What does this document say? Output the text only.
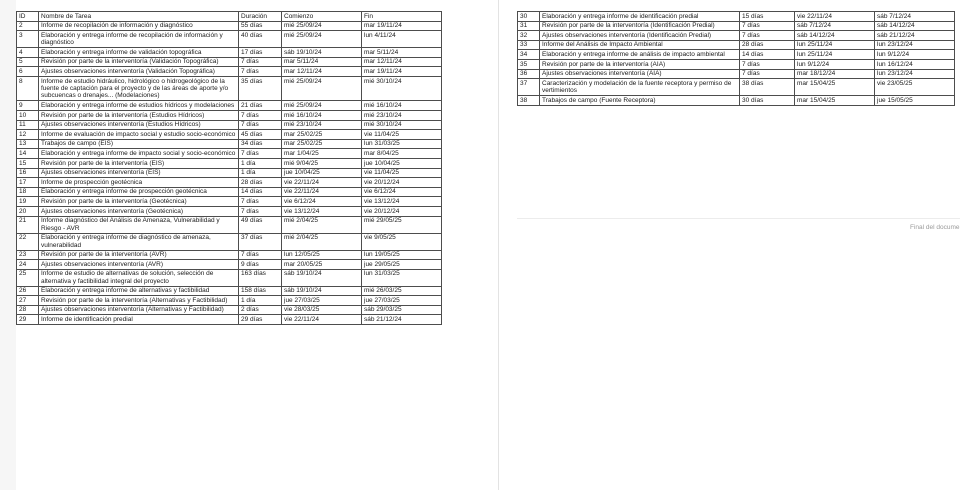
ID	Nombre de Tarea	Duración	Comienzo	Fin
2	Informe de recopilación de información y diagnóstico	55 días	mié 25/09/24	mar 19/11/24
3	Elaboración y entrega informe de recopilación de información y diagnóstico	40 días	mié 25/09/24	lun 4/11/24
4	Elaboración y entrega informe de validación topográfica	17 días	sáb 19/10/24	mar 5/11/24
5	Revisión por parte de la interventoría (Validación Topográfica)	7 días	mar 5/11/24	mar 12/11/24
6	Ajustes observaciones interventoría (Validación Topográfica)	7 días	mar 12/11/24	mar 19/11/24
8	Informe de estudio hidráulico, hidrológico o hidrogeológico de la fuente de captación para el proyecto y de las áreas de aporte y/o subcuencas o drenajes... (Modelaciones)	35 días	mié 25/09/24	mié 30/10/24
9	Elaboración y entrega informe de estudios hídricos y modelaciones	21 días	mié 25/09/24	mié 16/10/24
10	Revisión por parte de la interventoría (Estudios Hídricos)	7 días	mié 16/10/24	mié 23/10/24
11	Ajustes observaciones interventoría (Estudios Hídricos)	7 días	mié 23/10/24	mié 30/10/24
12	Informe de evaluación de impacto social y estudio socio-económico	45 días	mar 25/02/25	vie 11/04/25
13	Trabajos de campo (EIS)	34 días	mar 25/02/25	lun 31/03/25
14	Elaboración y entrega informe de impacto social y socio-económico	7 días	mar 1/04/25	mar 8/04/25
15	Revisión por parte de la interventoría (EIS)	1 día	mié 9/04/25	jue 10/04/25
16	Ajustes observaciones interventoría (EIS)	1 día	jue 10/04/25	vie 11/04/25
17	Informe de prospección geotécnica	28 días	vie 22/11/24	vie 20/12/24
18	Elaboración y entrega informe de prospección geotécnica	14 días	vie 22/11/24	vie 6/12/24
19	Revisión por parte de la interventoría (Geotécnica)	7 días	vie 6/12/24	vie 13/12/24
20	Ajustes observaciones interventoría (Geotécnica)	7 días	vie 13/12/24	vie 20/12/24
21	Informe diagnóstico del Análisis de Amenaza, Vulnerabilidad y Riesgo - AVR	49 días	mié 2/04/25	mié 29/05/25
22	Elaboración y entrega informe de diagnóstico de amenaza, vulnerabilidad	37 días	mié 2/04/25	vie 9/05/25
23	Revisión por parte de la interventoría (AVR)	7 días	lun 12/05/25	lun 19/05/25
24	Ajustes observaciones interventoría (AVR)	9 días	mar 20/05/25	jue 29/05/25
25	Informe de estudio de alternativas de solución, selección de alternativa y factibilidad integral del proyecto	163 días	sáb 19/10/24	lun 31/03/25
26	Elaboración y entrega informe de alternativas y factibilidad	158 días	sáb 19/10/24	mié 26/03/25
27	Revisión por parte de la interventoría (Alternativas y Factibilidad)	1 día	jue 27/03/25	jue 27/03/25
28	Ajustes observaciones interventoría (Alternativas y Factibilidad)	2 días	vie 28/03/25	sáb 29/03/25
29	Informe de identificación predial	29 días	vie 22/11/24	sáb 21/12/24
30	Elaboración y entrega informe de identificación predial	15 días	vie 22/11/24	sáb 7/12/24
31	Revisión por parte de la interventoría (Identificación Predial)	7 días	sáb 7/12/24	sáb 14/12/24
32	Ajustes observaciones interventoría (Identificación Predial)	7 días	sáb 14/12/24	sáb 21/12/24
33	Informe del Análisis de Impacto Ambiental	28 días	lun 25/11/24	lun 23/12/24
34	Elaboración y entrega informe de análisis de impacto ambiental	14 días	lun 25/11/24	lun 9/12/24
35	Revisión por parte de la interventoría (AIA)	7 días	lun 9/12/24	lun 16/12/24
36	Ajustes observaciones interventoría (AIA)	7 días	mar 18/12/24	lun 23/12/24
37	Caracterización y modelación de la fuente receptora y permiso de vertimientos	38 días	mar 15/04/25	vie 23/05/25
38	Trabajos de campo (Fuente Receptora)	30 días	mar 15/04/25	jue 15/05/25
Final del docume
